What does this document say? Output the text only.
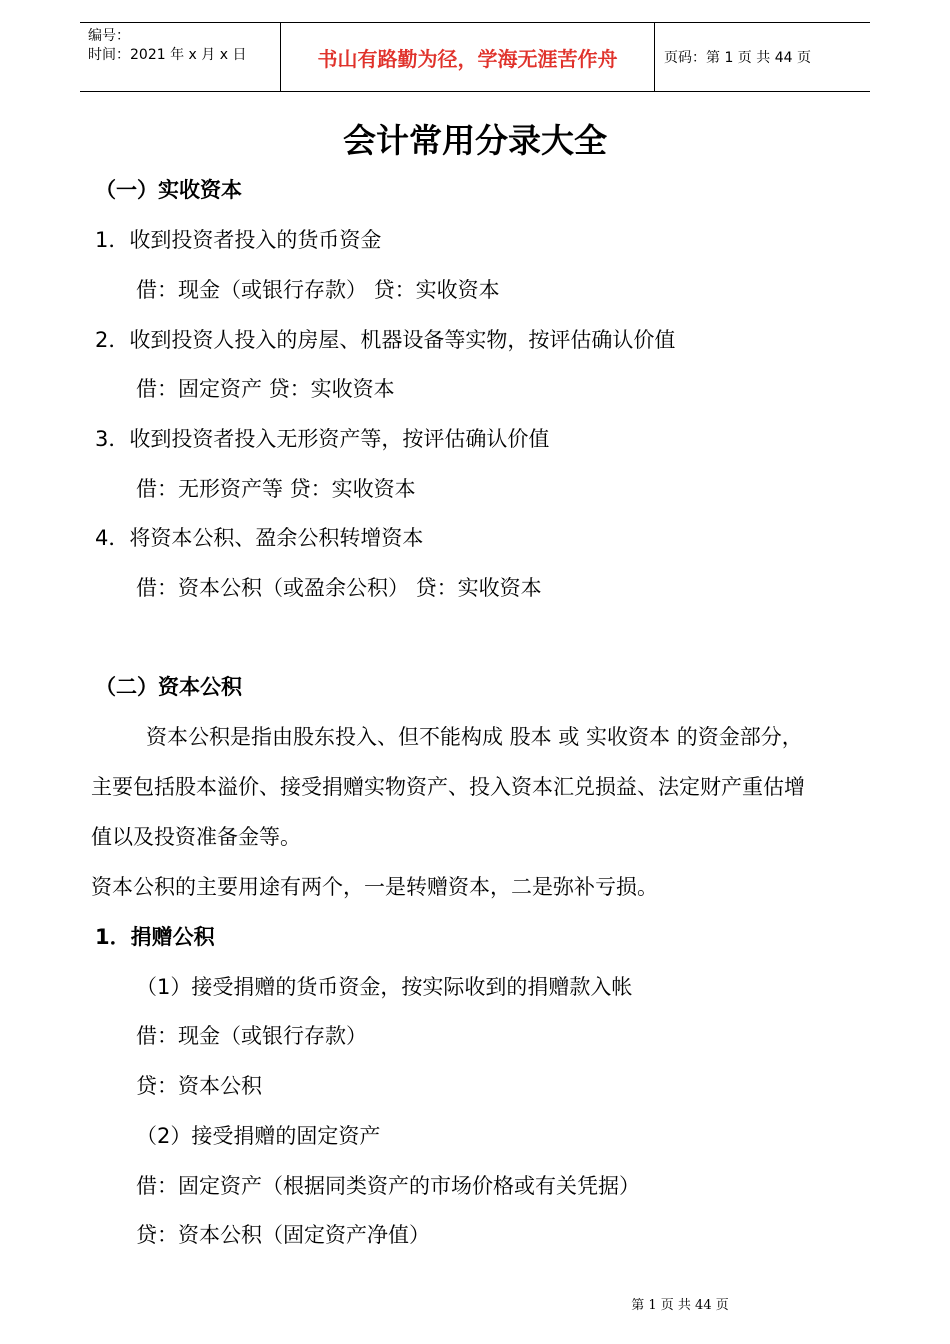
编号：
时间：2021 年 x 月 x 日	书山有路勤为径，学海无涯苦作舟	页码：第 1 页 共 44 页
会计常用分录大全
（一）实收资本
1．收到投资者投入的货币资金
借：现金（或银行存款） 贷：实收资本
2．收到投资人投入的房屋、机器设备等实物，按评估确认价值
借：固定资产 贷：实收资本
3．收到投资者投入无形资产等，按评估确认价值
借：无形资产等 贷：实收资本
4．将资本公积、盈余公积转增资本
借：资本公积（或盈余公积） 贷：实收资本
（二）资本公积
资本公积是指由股东投入、但不能构成 股本 或 实收资本 的资金部分，
主要包括股本溢价、接受捐赠实物资产、投入资本汇兑损益、法定财产重估增
值以及投资准备金等。
资本公积的主要用途有两个，一是转赠资本，二是弥补亏损。
1．捐赠公积
（1）接受捐赠的货币资金，按实际收到的捐赠款入帐
借：现金（或银行存款）
贷：资本公积
（2）接受捐赠的固定资产
借：固定资产（根据同类资产的市场价格或有关凭据）
贷：资本公积（固定资产净值）
第 1 页 共 44 页
